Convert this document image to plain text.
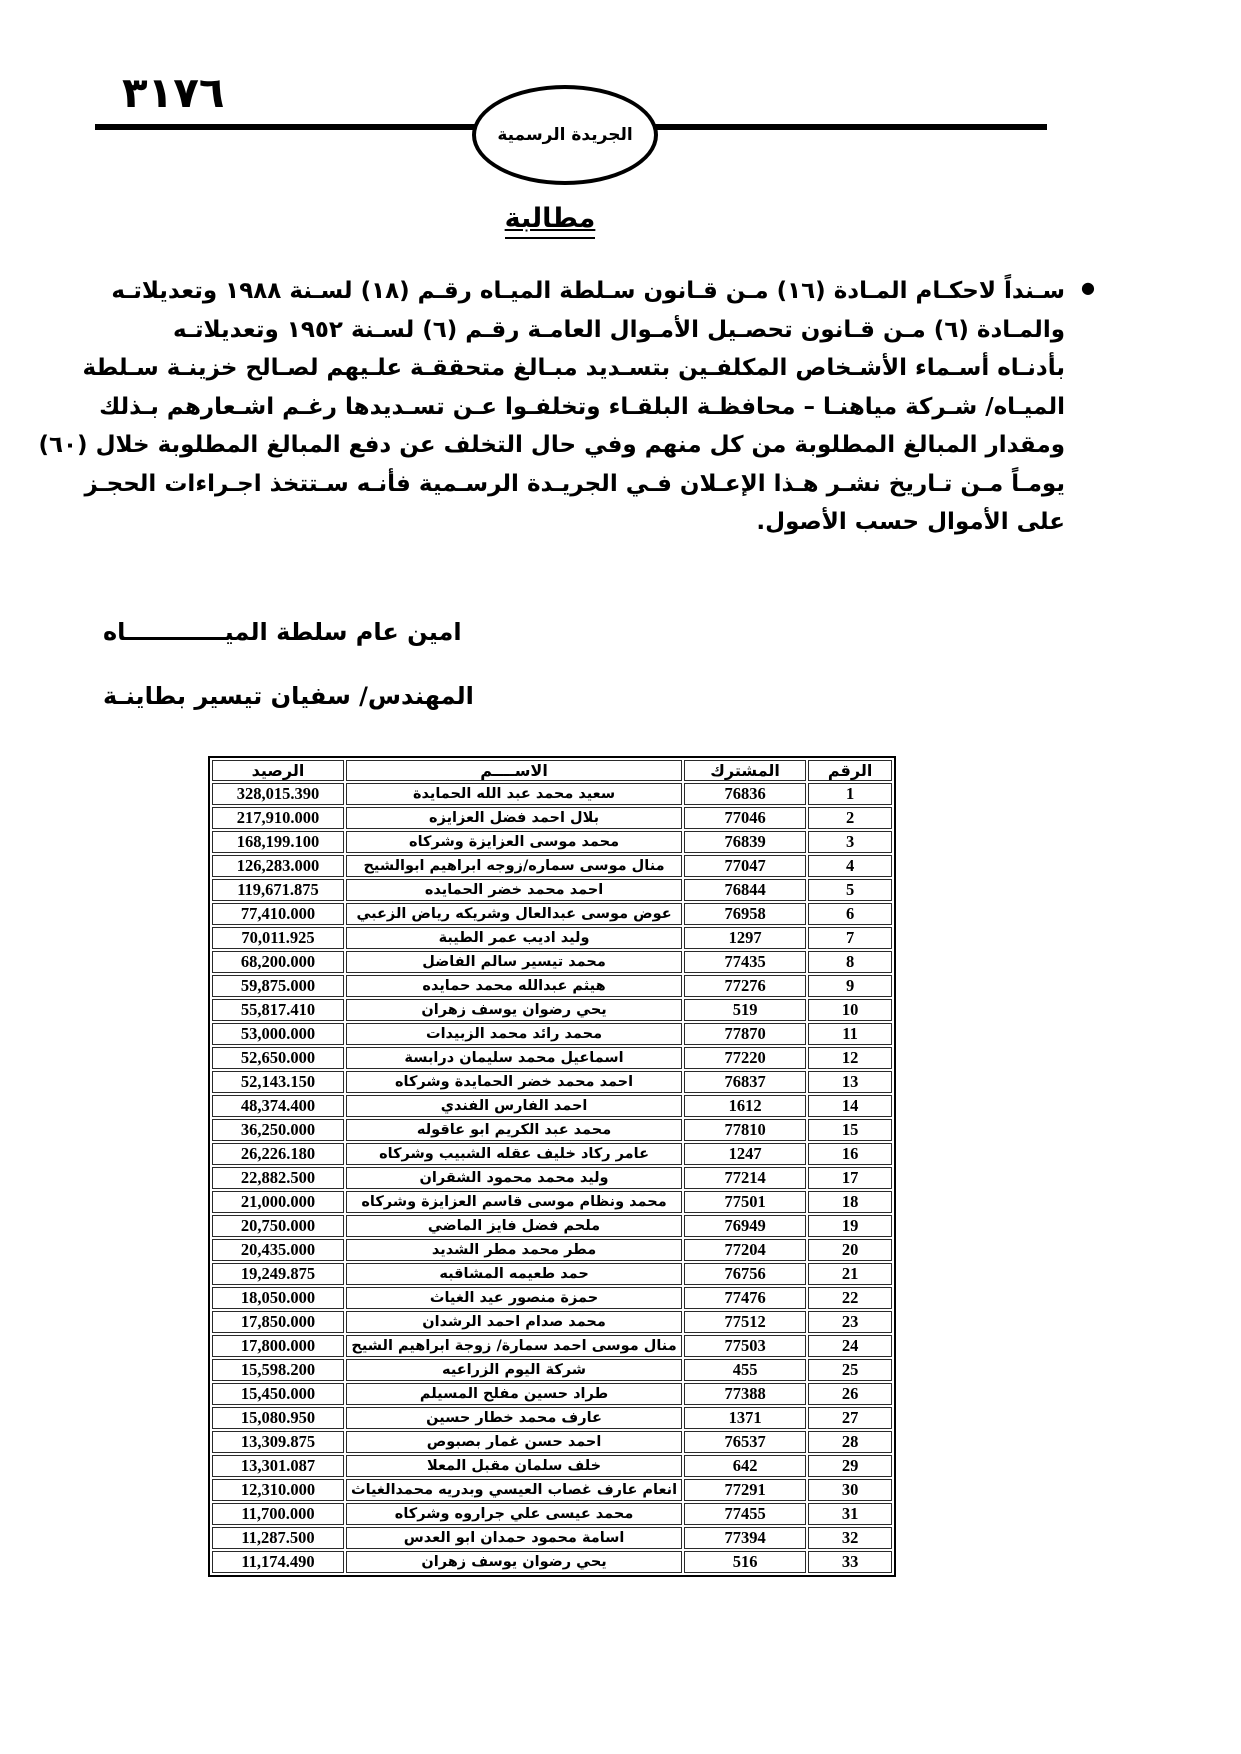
٣١٧٦
الجريدة الرسمية
مطالبة
●
سـنداً لاحكـام المـادة (١٦) مـن قـانون سـلطة الميـاه رقـم (١٨) لسـنة ١٩٨٨ وتعديلاتـه
والمـادة (٦) مـن قـانون تحصـيل الأمـوال العامـة رقـم (٦) لسـنة ١٩٥٢ وتعديلاتـه
بأدنـاه أسـماء الأشـخاص المكلفـين بتسـديد مبـالغ متحققـة علـيهم لصـالح خزينـة سـلطة
الميـاه/ شـركة مياهنـا – محافظـة البلقـاء وتخلفـوا عـن تسـديدها رغـم اشـعارهم بـذلك
ومقدار المبالغ المطلوبة من كل منهم وفي حال التخلف عن دفع المبالغ المطلوبة خلال (٦٠)
يومـاً مـن تـاريخ نشـر هـذا الإعـلان فـي الجريـدة الرسـمية فأنـه سـتتخذ اجـراءات الحجـز
على الأموال حسب الأصول.
امين عام سلطة الميــــــــــــاه
المهندس/ سفيان تيسير بطاينـة
الرقم	المشترك	الاســــم	الرصيد
1	76836	سعيد محمد عبد الله الحمايدة	328,015.390
2	77046	بلال احمد فضل العزايزه	217,910.000
3	76839	محمد موسى العزايزة وشركاه	168,199.100
4	77047	منال موسى سماره/زوجه ابراهيم ابوالشيح	126,283.000
5	76844	احمد محمد خضر الحمايده	119,671.875
6	76958	عوض موسى عبدالعال وشريكه رياض الزعبي	77,410.000
7	1297	وليد اديب عمر الطيبة	70,011.925
8	77435	محمد تيسير سالم الفاضل	68,200.000
9	77276	هيثم عبدالله محمد حمايده	59,875.000
10	519	يحي رضوان يوسف زهران	55,817.410
11	77870	محمد رائد محمد الزبيدات	53,000.000
12	77220	اسماعيل محمد سليمان درابسة	52,650.000
13	76837	احمد محمد خضر الحمايدة وشركاه	52,143.150
14	1612	احمد الفارس الفندي	48,374.400
15	77810	محمد عبد الكريم ابو عاقوله	36,250.000
16	1247	عامر ركاد خليف عقله الشبيب وشركاه	26,226.180
17	77214	وليد محمد محمود الشقران	22,882.500
18	77501	محمد ونظام موسى قاسم العزايزة وشركاه	21,000.000
19	76949	ملحم فضل فايز الماضي	20,750.000
20	77204	مطر محمد مطر الشديد	20,435.000
21	76756	حمد طعيمه المشاقبه	19,249.875
22	77476	حمزة منصور عيد الغياث	18,050.000
23	77512	محمد صدام احمد الرشدان	17,850.000
24	77503	منال موسى احمد سمارة/ زوجة ابراهيم الشيح	17,800.000
25	455	شركة اليوم الزراعيه	15,598.200
26	77388	طراد حسين مفلح المسيلم	15,450.000
27	1371	عارف محمد خطار حسين	15,080.950
28	76537	احمد حسن غمار بصبوص	13,309.875
29	642	خلف سلمان مقبل المعلا	13,301.087
30	77291	انعام عارف غصاب العيسي وبدريه محمدالغياث	12,310.000
31	77455	محمد عيسى علي جراروه وشركاه	11,700.000
32	77394	اسامة محمود حمدان ابو العدس	11,287.500
33	516	يحي رضوان يوسف زهران	11,174.490
